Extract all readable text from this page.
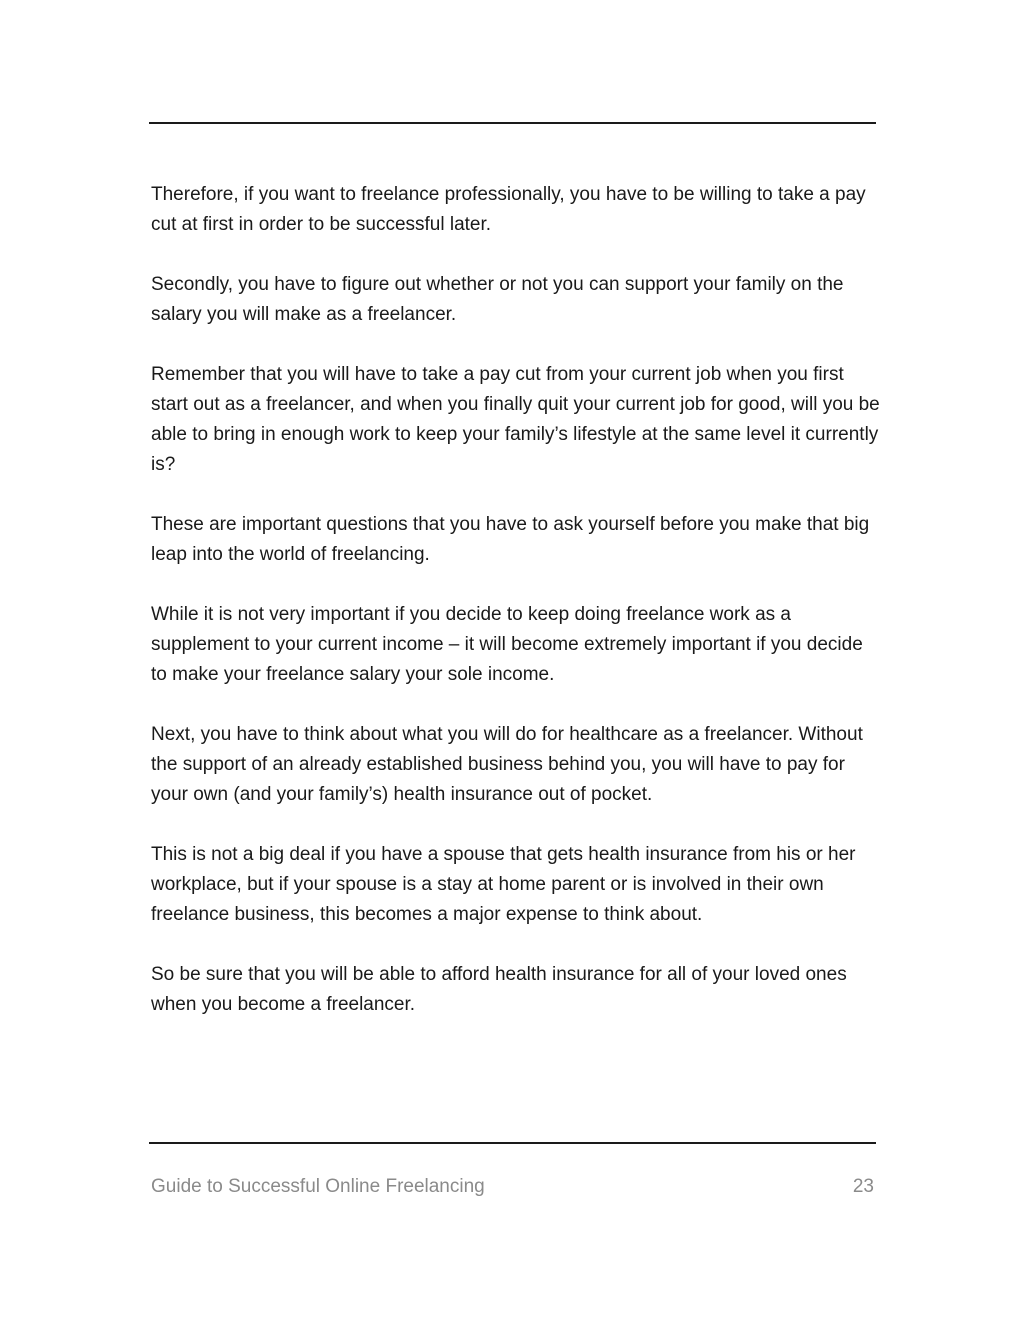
Therefore, if you want to freelance professionally, you have to be willing to take a pay cut at first in order to be successful later.

Secondly, you have to figure out whether or not you can support your family on the salary you will make as a freelancer.

Remember that you will have to take a pay cut from your current job when you first start out as a freelancer, and when you finally quit your current job for good, will you be able to bring in enough work to keep your family’s lifestyle at the same level it currently is?

These are important questions that you have to ask yourself before you make that big leap into the world of freelancing.

While it is not very important if you decide to keep doing freelance work as a supplement to your current income – it will become extremely important if you decide to make your freelance salary your sole income.

Next, you have to think about what you will do for healthcare as a freelancer. Without the support of an already established business behind you, you will have to pay for your own (and your family’s) health insurance out of pocket.

This is not a big deal if you have a spouse that gets health insurance from his or her workplace, but if your spouse is a stay at home parent or is involved in their own freelance business, this becomes a major expense to think about.

So be sure that you will be able to afford health insurance for all of your loved ones when you become a freelancer.

Guide to Successful Online Freelancing	23
